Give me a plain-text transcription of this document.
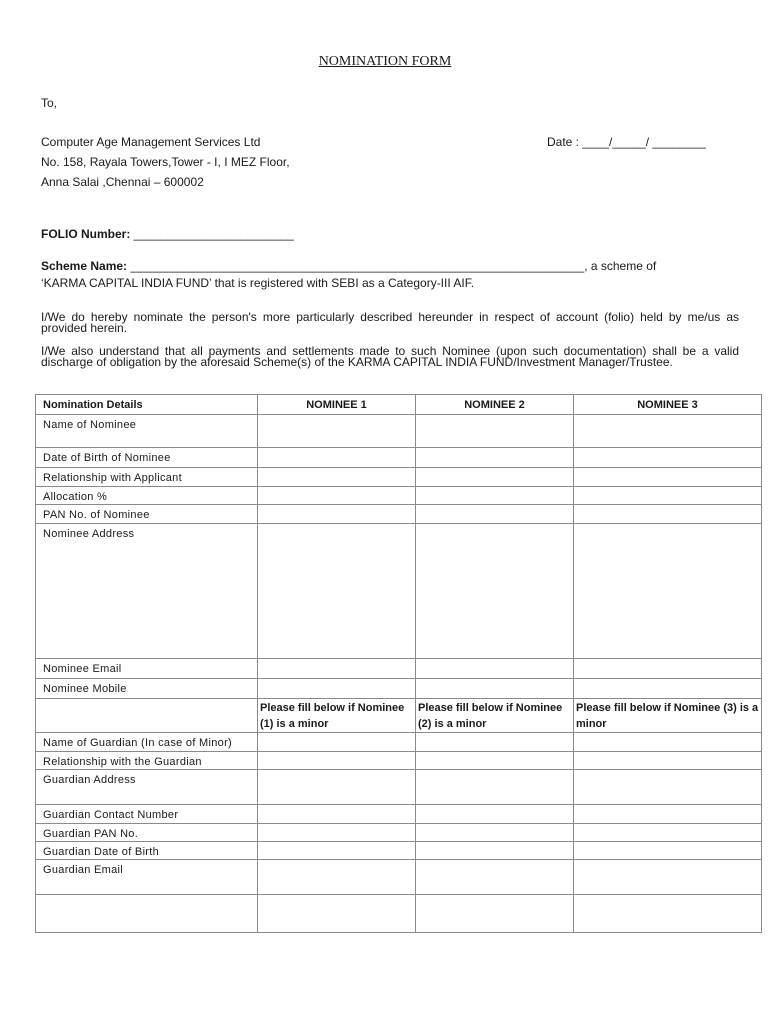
NOMINATION FORM
To,
Computer Age Management Services Ltd
No. 158, Rayala Towers,Tower - I, I MEZ Floor,
Anna Salai ,Chennai – 600002
Date : ____/_____/ ________
FOLIO Number: ________________________
Scheme Name: ____________________________________________________________________, a scheme of
‘KARMA CAPITAL INDIA FUND’ that is registered with SEBI as a Category-III AIF.
I/We do hereby nominate the person's more particularly described hereunder in respect of account (folio) held by me/us as provided herein.
I/We also understand that all payments and settlements made to such Nominee (upon such documentation) shall be a valid discharge of obligation by the aforesaid Scheme(s) of the KARMA CAPITAL INDIA FUND/Investment Manager/Trustee.
Nomination Details	NOMINEE 1	NOMINEE 2	NOMINEE 3
Name of Nominee			
Date of Birth of Nominee			
Relationship with Applicant			
Allocation %			
PAN No. of Nominee			
Nominee Address			
Nominee Email			
Nominee Mobile			
	Please fill below if Nominee (1) is a minor	Please fill below if Nominee (2) is a minor	Please fill below if Nominee (3) is a minor
Name of Guardian (In case of Minor)			
Relationship with the Guardian			
Guardian Address			
Guardian Contact Number			
Guardian PAN No.			
Guardian Date of Birth			
Guardian Email			
